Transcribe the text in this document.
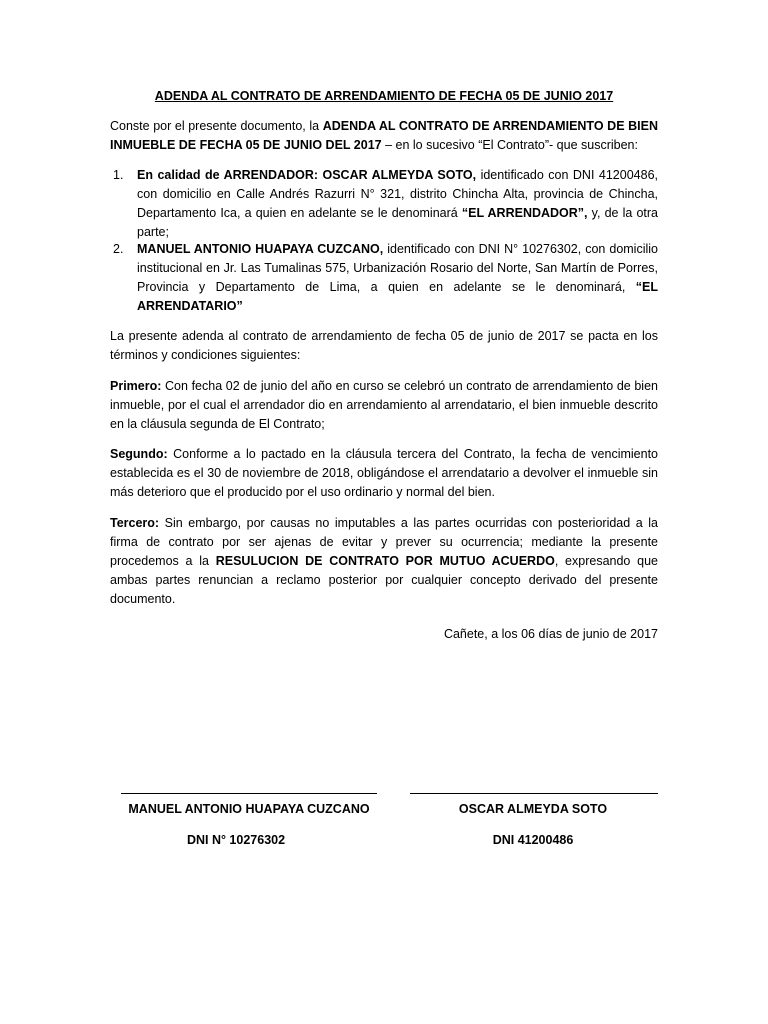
ADENDA AL CONTRATO DE ARRENDAMIENTO DE FECHA 05 DE JUNIO 2017

Conste por el presente documento, la ADENDA AL CONTRATO DE ARRENDAMIENTO DE BIEN INMUEBLE DE FECHA 05 DE JUNIO DEL 2017 – en lo sucesivo “El Contrato”- que suscriben:

1. En calidad de ARRENDADOR: OSCAR ALMEYDA SOTO, identificado con DNI 41200486, con domicilio en Calle Andrés Razurri N° 321, distrito Chincha Alta, provincia de Chincha, Departamento Ica, a quien en adelante se le denominará “EL ARRENDADOR”, y, de la otra parte;

2. MANUEL ANTONIO HUAPAYA CUZCANO, identificado con DNI N° 10276302, con domicilio institucional en Jr. Las Tumalinas 575, Urbanización Rosario del Norte, San Martín de Porres, Provincia y Departamento de Lima, a quien en adelante se le denominará, “EL ARRENDATARIO”

La presente adenda al contrato de arrendamiento de fecha 05 de junio de 2017 se pacta en los términos y condiciones siguientes:

Primero: Con fecha 02 de junio del año en curso se celebró un contrato de arrendamiento de bien inmueble, por el cual el arrendador dio en arrendamiento al arrendatario, el bien inmueble descrito en la cláusula segunda de El Contrato;

Segundo: Conforme a lo pactado en la cláusula tercera del Contrato, la fecha de vencimiento establecida es el 30 de noviembre de 2018, obligándose el arrendatario a devolver el inmueble sin más deterioro que el producido por el uso ordinario y normal del bien.

Tercero: Sin embargo, por causas no imputables a las partes ocurridas con posterioridad a la firma de contrato por ser ajenas de evitar y prever su ocurrencia; mediante la presente procedemos a la RESULUCION DE CONTRATO POR MUTUO ACUERDO, expresando que ambas partes renuncian a reclamo posterior por cualquier concepto derivado del presente documento.

Cañete, a los 06 días de junio de 2017

MANUEL ANTONIO HUAPAYA CUZCANO

DNI N° 10276302

OSCAR ALMEYDA SOTO

DNI 41200486
